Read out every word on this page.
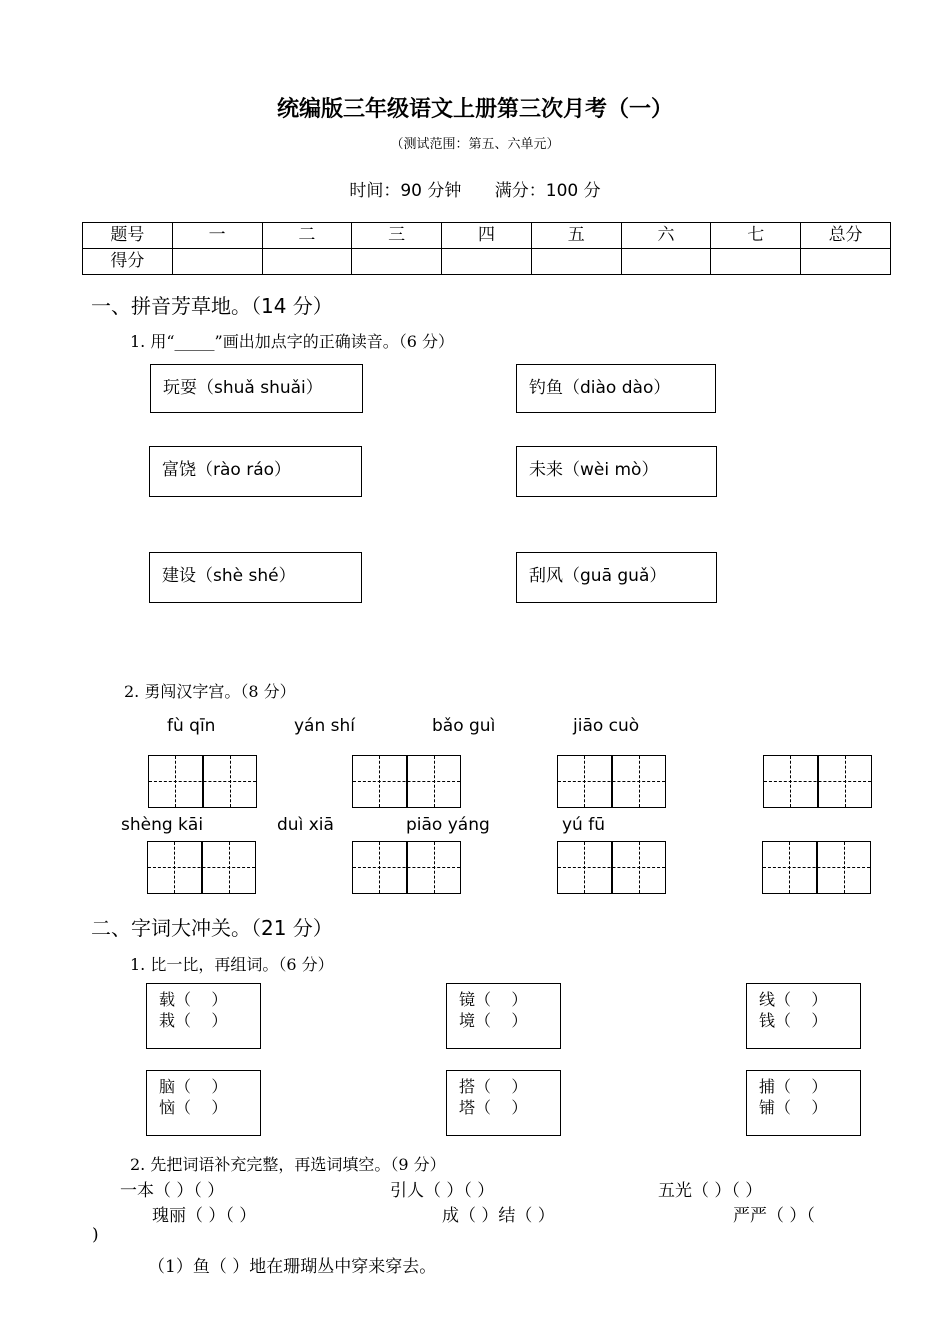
统编版三年级语文上册第三次月考（一）
（测试范围：第五、六单元）
时间：90 分钟 满分：100 分
题号	一	二	三	四	五	六	七	总分
得分								
一、拼音芳草地。（14 分）
1. 用“_____”画出加点字的正确读音。（6 分）
玩耍（shuǎ shuǎi）	钓鱼（diào dào）
富饶（rào ráo）	未来（wèi mò）
建设（shè shé）	刮风（guā guǎ）
2. 勇闯汉字宫。（8 分）
fù qīn	yán shí	bǎo guì	jiāo cuò
shèng kāi	duì xiā	piāo yáng	yú fū
二、字词大冲关。（21 分）
1. 比一比，再组词。（6 分）
载（    ）
栽（    ）
镜（    ）
境（    ）
线（    ）
钱（    ）
脑（    ）
恼（    ）
搭（    ）
塔（    ）
捕（    ）
铺（    ）
2. 先把词语补充完整，再选词填空。（9 分）
一本（ ）（ ）	引人（ ）（ ）	五光（ ）（ ）
瑰丽（ ）（ ）	成（ ）结（ ）	严严（ ）（
)
（1）鱼（ ）地在珊瑚丛中穿来穿去。
